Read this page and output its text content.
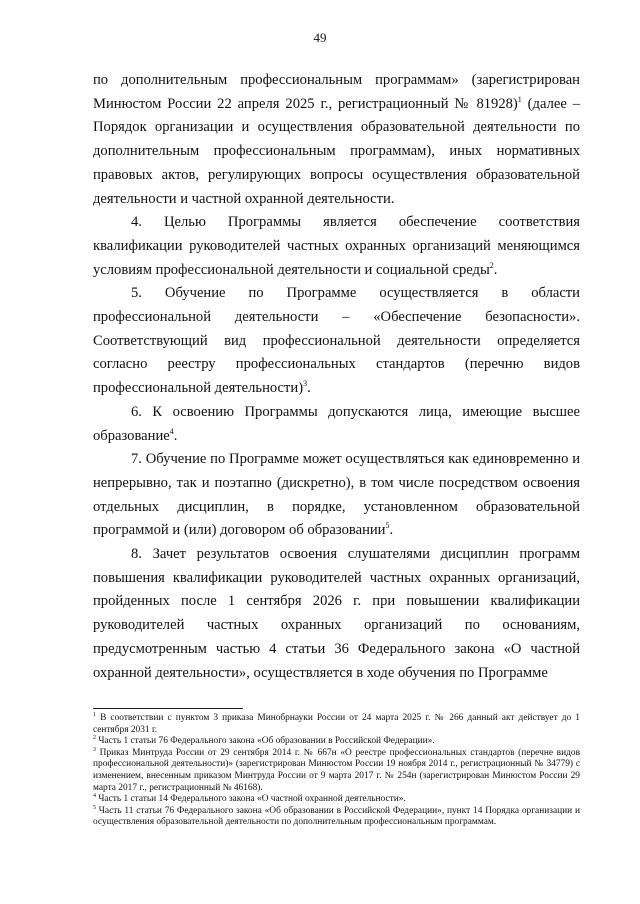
49

по дополнительным профессиональным программам» (зарегистрирован Минюстом России 22 апреля 2025 г., регистрационный № 81928)$^1$ (далее – Порядок организации и осуществления образовательной деятельности по дополнительным профессиональным программам), иных нормативных правовых актов, регулирующих вопросы осуществления образовательной деятельности и частной охранной деятельности.

4. Целью Программы является обеспечение соответствия квалификации руководителей частных охранных организаций меняющимся условиям профессиональной деятельности и социальной среды$^2$.

5. Обучение по Программе осуществляется в области профессиональной деятельности – «Обеспечение безопасности». Соответствующий вид профессиональной деятельности определяется согласно реестру профессиональных стандартов (перечню видов профессиональной деятельности)$^3$.

6. К освоению Программы допускаются лица, имеющие высшее образование$^4$.

7. Обучение по Программе может осуществляться как единовременно и непрерывно, так и поэтапно (дискретно), в том числе посредством освоения отдельных дисциплин, в порядке, установленном образовательной программой и (или) договором об образовании$^5$.

8. Зачет результатов освоения слушателями дисциплин программ повышения квалификации руководителей частных охранных организаций, пройденных после 1 сентября 2026 г. при повышении квалификации руководителей частных охранных организаций по основаниям, предусмотренным частью 4 статьи 36 Федерального закона «О частной охранной деятельности», осуществляется в ходе обучения по Программе

$^1$ В соответствии с пунктом 3 приказа Минобрнауки России от 24 марта 2025 г. № 266 данный акт действует до 1 сентября 2031 г.

$^2$ Часть 1 статьи 76 Федерального закона «Об образовании в Российской Федерации».

$^3$ Приказ Минтруда России от 29 сентября 2014 г. № 667н «О реестре профессиональных стандартов (перечне видов профессиональной деятельности)» (зарегистрирован Минюстом России 19 ноября 2014 г., регистрационный № 34779) с изменением, внесенным приказом Минтруда России от 9 марта 2017 г. № 254н (зарегистрирован Минюстом России 29 марта 2017 г., регистрационный № 46168).

$^4$ Часть 1 статьи 14 Федерального закона «О частной охранной деятельности».

$^5$ Часть 11 статьи 76 Федерального закона «Об образовании в Российской Федерации», пункт 14 Порядка организации и осуществления образовательной деятельности по дополнительным профессиональным программам.
